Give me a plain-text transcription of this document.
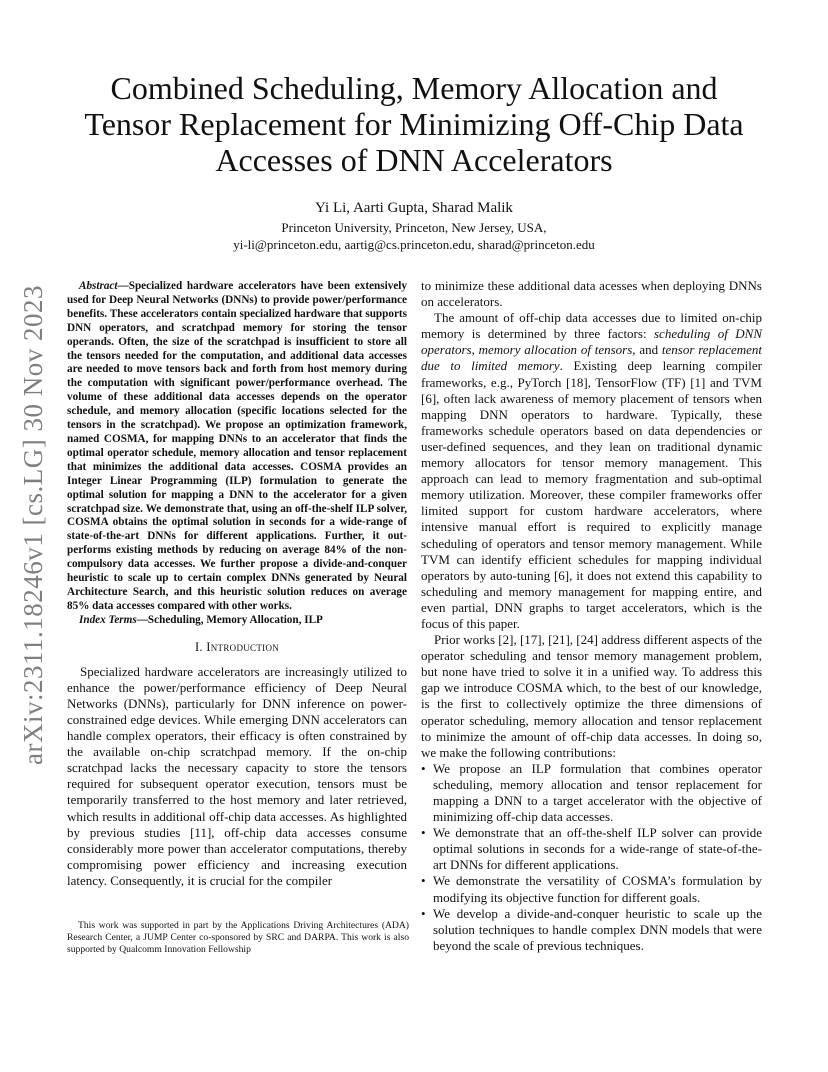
arXiv:2311.18246v1 [cs.LG] 30 Nov 2023
Combined Scheduling, Memory Allocation and
Tensor Replacement for Minimizing Off-Chip Data
Accesses of DNN Accelerators
Yi Li, Aarti Gupta, Sharad Malik
Princeton University, Princeton, New Jersey, USA,
yi-li@princeton.edu, aartig@cs.princeton.edu, sharad@princeton.edu

Abstract—Specialized hardware accelerators have been extensively used for Deep Neural Networks (DNNs) to provide power/performance benefits. These accelerators contain specialized hardware that supports DNN operators, and scratchpad memory for storing the tensor operands. Often, the size of the scratchpad is insufficient to store all the tensors needed for the computation, and additional data accesses are needed to move tensors back and forth from host memory during the computation with significant power/performance overhead. The volume of these additional data accesses depends on the operator schedule, and memory allocation (specific locations selected for the tensors in the scratchpad). We propose an optimization framework, named COSMA, for mapping DNNs to an accelerator that finds the optimal operator schedule, memory allocation and tensor replacement that minimizes the additional data accesses. COSMA provides an Integer Linear Programming (ILP) formulation to generate the optimal solution for mapping a DNN to the accelerator for a given scratchpad size. We demonstrate that, using an off-the-shelf ILP solver, COSMA obtains the optimal solution in seconds for a wide-range of state-of-the-art DNNs for different applications. Further, it out-performs existing methods by reducing on average 84% of the non-compulsory data accesses. We further propose a divide-and-conquer heuristic to scale up to certain complex DNNs generated by Neural Architecture Search, and this heuristic solution reduces on average 85% data accesses compared with other works.

Index Terms—Scheduling, Memory Allocation, ILP

I. Introduction

Specialized hardware accelerators are increasingly utilized to enhance the power/performance efficiency of Deep Neural Networks (DNNs), particularly for DNN inference on power-constrained edge devices. While emerging DNN accelerators can handle complex operators, their efficacy is often constrained by the available on-chip scratchpad memory. If the on-chip scratchpad lacks the necessary capacity to store the tensors required for subsequent operator execution, tensors must be temporarily transferred to the host memory and later retrieved, which results in additional off-chip data accesses. As highlighted by previous studies [11], off-chip data accesses consume considerably more power than accelerator computations, thereby compromising power efficiency and increasing execution latency. Consequently, it is crucial for the compiler

This work was supported in part by the Applications Driving Architectures (ADA) Research Center, a JUMP Center co-sponsored by SRC and DARPA. This work is also supported by Qualcomm Innovation Fellowship

to minimize these additional data acesses when deploying DNNs on accelerators.

The amount of off-chip data accesses due to limited on-chip memory is determined by three factors: scheduling of DNN operators, memory allocation of tensors, and tensor replacement due to limited memory. Existing deep learning compiler frameworks, e.g., PyTorch [18], TensorFlow (TF) [1] and TVM [6], often lack awareness of memory placement of tensors when mapping DNN operators to hardware. Typically, these frameworks schedule operators based on data dependencies or user-defined sequences, and they lean on traditional dynamic memory allocators for tensor memory management. This approach can lead to memory fragmentation and sub-optimal memory utilization. Moreover, these compiler frameworks offer limited support for custom hardware accelerators, where intensive manual effort is required to explicitly manage scheduling of operators and tensor memory management. While TVM can identify efficient schedules for mapping individual operators by auto-tuning [6], it does not extend this capability to scheduling and memory management for mapping entire, and even partial, DNN graphs to target accelerators, which is the focus of this paper.

Prior works [2], [17], [21], [24] address different aspects of the operator scheduling and tensor memory management problem, but none have tried to solve it in a unified way. To address this gap we introduce COSMA which, to the best of our knowledge, is the first to collectively optimize the three dimensions of operator scheduling, memory allocation and tensor replacement to minimize the amount of off-chip data accesses. In doing so, we make the following contributions:

• We propose an ILP formulation that combines operator scheduling, memory allocation and tensor replacement for mapping a DNN to a target accelerator with the objective of minimizing off-chip data accesses.
• We demonstrate that an off-the-shelf ILP solver can provide optimal solutions in seconds for a wide-range of state-of-the-art DNNs for different applications.
• We demonstrate the versatility of COSMA’s formulation by modifying its objective function for different goals.
• We develop a divide-and-conquer heuristic to scale up the solution techniques to handle complex DNN models that were beyond the scale of previous techniques.
